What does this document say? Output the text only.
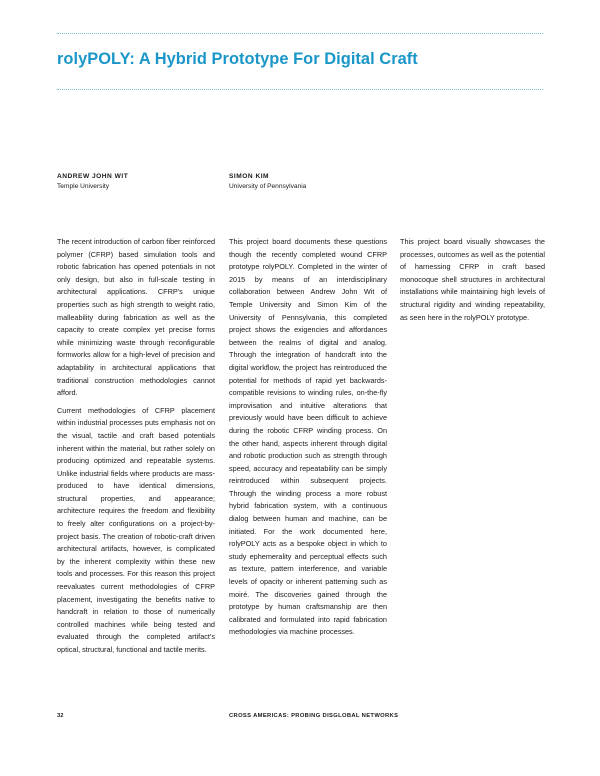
rolyPOLY: A Hybrid Prototype For Digital Craft
ANDREW JOHN WIT
Temple University
SIMON KIM
University of Pennsylvania

The recent introduction of carbon fiber reinforced polymer (CFRP) based simulation tools and robotic fabrication has opened potentials in not only design, but also in full-scale testing in architectural applications. CFRP's unique properties such as high strength to weight ratio, malleability during fabrication as well as the capacity to create complex yet precise forms while minimizing waste through reconfigurable formworks allow for a high-level of precision and adaptability in architectural applications that traditional construction methodologies cannot afford.

Current methodologies of CFRP placement within industrial processes puts emphasis not on the visual, tactile and craft based potentials inherent within the material, but rather solely on producing optimized and repeatable systems. Unlike industrial fields where products are mass-produced to have identical dimensions, structural properties, and appearance; architecture requires the freedom and flexibility to freely alter configurations on a project-by-project basis. The creation of robotic-craft driven architectural artifacts, however, is complicated by the inherent complexity within these new tools and processes. For this reason this project reevaluates current methodologies of CFRP placement, investigating the benefits native to handcraft in relation to those of numerically controlled machines while being tested and evaluated through the completed artifact's optical, structural, functional and tactile merits.

This project board documents these questions though the recently completed wound CFRP prototype rolyPOLY. Completed in the winter of 2015 by means of an interdisciplinary collaboration between Andrew John Wit of Temple University and Simon Kim of the University of Pennsylvania, this completed project shows the exigencies and affordances between the realms of digital and analog. Through the integration of handcraft into the digital workflow, the project has reintroduced the potential for methods of rapid yet backwards-compatible revisions to winding rules, on-the-fly improvisation and intuitive alterations that previously would have been difficult to achieve during the robotic CFRP winding process. On the other hand, aspects inherent through digital and robotic production such as strength through speed, accuracy and repeatability can be simply reintroduced within subsequent projects. Through the winding process a more robust hybrid fabrication system, with a continuous dialog between human and machine, can be initiated. For the work documented here, rolyPOLY acts as a bespoke object in which to study ephemerality and perceptual effects such as texture, pattern interference, and variable levels of opacity or inherent patterning such as moiré. The discoveries gained through the prototype by human craftsmanship are then calibrated and formulated into rapid fabrication methodologies via machine processes.

This project board visually showcases the processes, outcomes as well as the potential of harnessing CFRP in craft based monocoque shell structures in architectural installations while maintaining high levels of structural rigidity and winding repeatability, as seen here in the rolyPOLY prototype.

32	CROSS AMERICAS: PROBING DISGLOBAL NETWORKS
